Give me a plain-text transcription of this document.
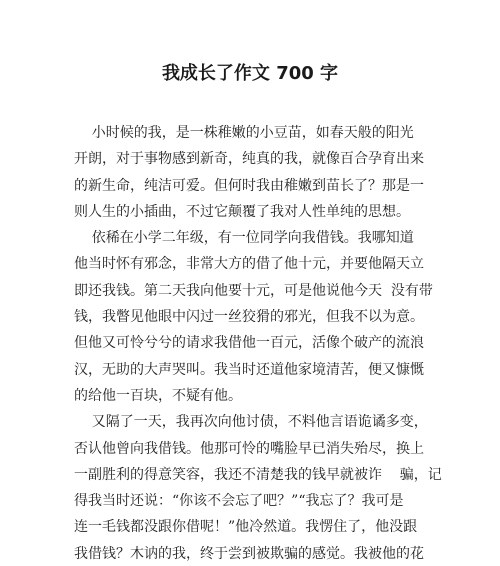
我成长了作文 700 字
小时候的我，是一株稚嫩的小豆苗，如春天般的阳光
开朗，对于事物感到新奇，纯真的我，就像百合孕育出来
的新生命，纯洁可爱。但何时我由稚嫩到苗长了？那是一
则人生的小插曲，不过它颠覆了我对人性单纯的思想。
依稀在小学二年级，有一位同学向我借钱。我哪知道
他当时怀有邪念，非常大方的借了他十元，并要他隔天立
即还我钱。第二天我向他要十元，可是他说他今天  没有带
钱，我瞥见他眼中闪过一丝狡猾的邪光，但我不以为意。
但他又可怜兮兮的请求我借他一百元，活像个破产的流浪
汉，无助的大声哭叫。我当时还道他家境清苦，便又慷慨
的给他一百块，不疑有他。
又隔了一天，我再次向他讨债，不料他言语诡谲多变，
否认他曾向我借钱。他那可怜的嘴脸早已消失殆尽，换上
一副胜利的得意笑容，我还不清楚我的钱早就被诈    骗，记
得我当时还说：“你该不会忘了吧？”“我忘了？我可是
连一毛钱都没跟你借呢！”他冷然道。我愣住了，他没跟
我借钱？木讷的我，终于尝到被欺骗的感觉。我被他的花
